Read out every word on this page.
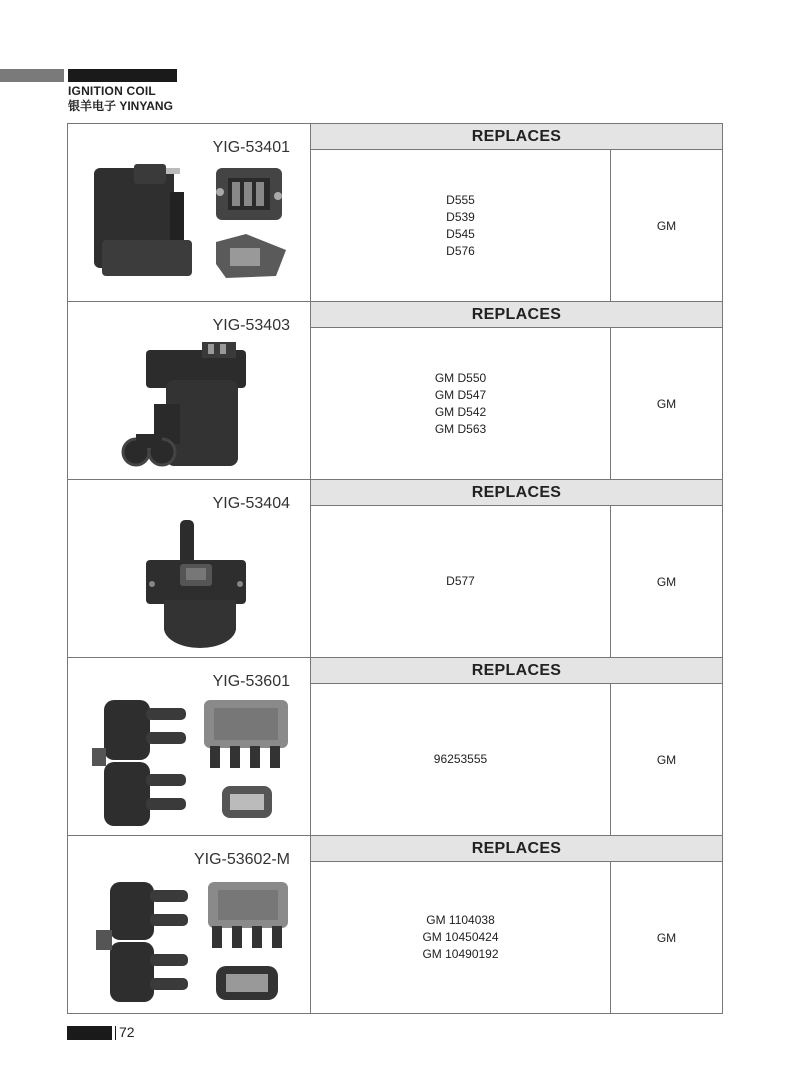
IGNITION COIL
银羊电子 YINYANG
YIG-53401
REPLACES
D555
D539
D545
D576
GM
YIG-53403
REPLACES
GM D550
GM D547
GM D542
GM D563
GM
YIG-53404
REPLACES
D577	GM
YIG-53601
REPLACES
96253555	GM
YIG-53602-M
REPLACES
GM 1104038
GM 10450424
GM 10490192
GM
72
